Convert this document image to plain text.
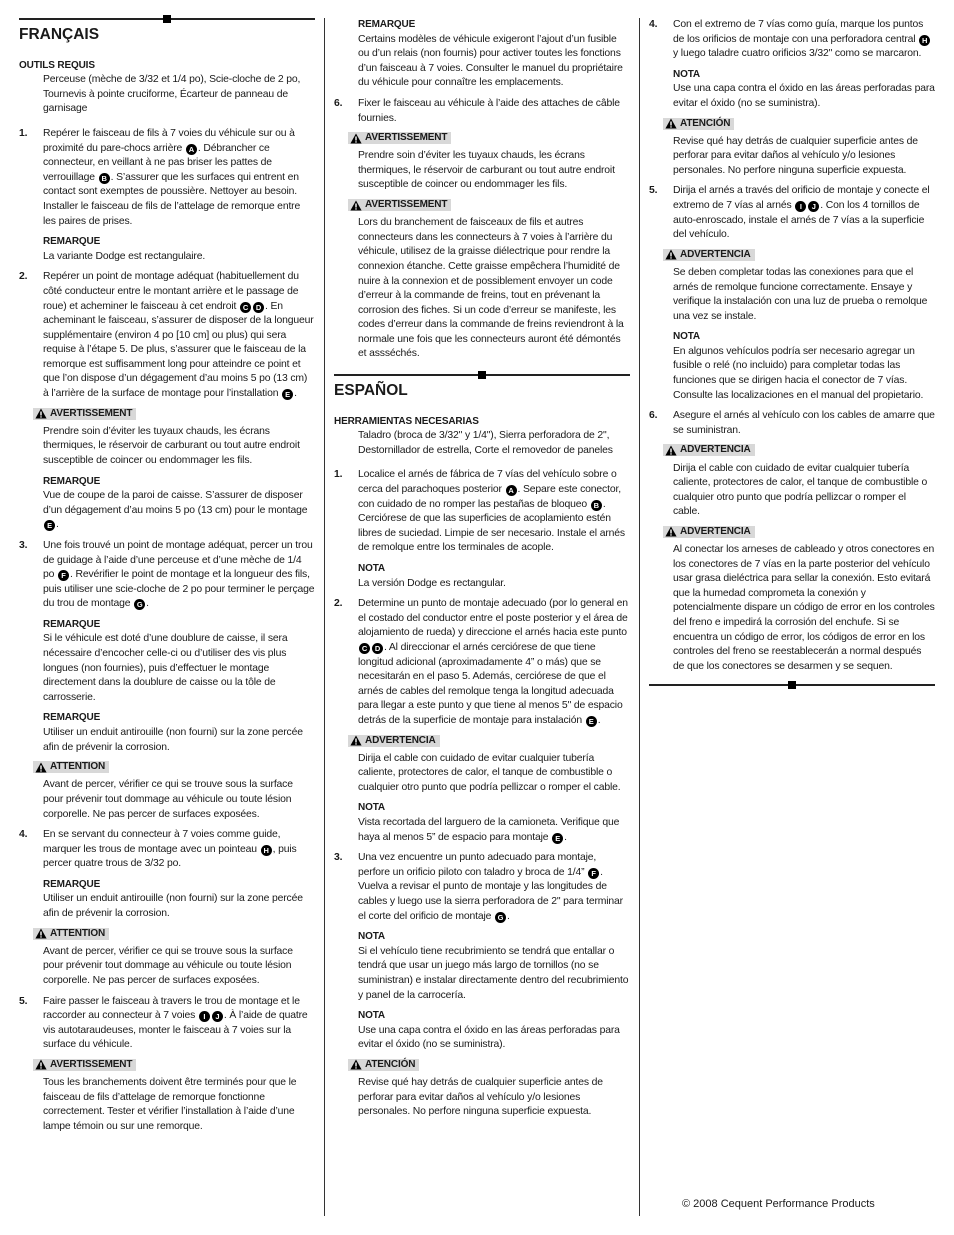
FRANÇAIS
OUTILS REQUIS
Perceuse (mèche de 3/32 et 1/4 po), Scie-cloche de 2 po, Tournevis à pointe cruciforme, Écarteur de panneau de garnisage
1. Repérer le faisceau de fils à 7 voies du véhicule sur ou à proximité du pare-chocs arrière A . Débrancher ce connecteur, en veillant à ne pas briser les pattes de verrouillage B . S’assurer que les surfaces qui entrent en contact sont exemptes de poussière. Nettoyer au besoin. Installer le faisceau de fils de l’attelage de remorque entre les paires de prises.
REMARQUE
La variante Dodge est rectangulaire.
2. Repérer un point de montage adéquat (habituellement du côté conducteur entre le montant arrière et le passage de roue) et acheminer le faisceau à cet endroit C D . En acheminant le faisceau, s’assurer de disposer de la longueur supplémentaire (environ 4 po [10 cm] ou plus) qui sera requise à l’étape 5. De plus, s’assurer que le faisceau de la remorque est suffisamment long pour atteindre ce point et que l’on dispose d’un dégagement d’au moins 5 po (13 cm) à l’arrière de la surface de montage pour l’installation E .
AVERTISSEMENT
Prendre soin d’éviter les tuyaux chauds, les écrans thermiques, le réservoir de carburant ou tout autre endroit susceptible de coincer ou endommager les fils.
REMARQUE
Vue de coupe de la paroi de caisse. S’assurer de disposer d’un dégagement d’au moins 5 po (13 cm) pour le montage E .
3. Une fois trouvé un point de montage adéquat, percer un trou de guidage à l’aide d’une perceuse et d’une mèche de 1/4 po F . Revérifier le point de montage et la longueur des fils, puis utiliser une scie-cloche de 2 po pour terminer le perçage du trou de montage G .
REMARQUE
Si le véhicule est doté d’une doublure de caisse, il sera nécessaire d’encocher celle-ci ou d’utiliser des vis plus longues (non fournies), puis d’effectuer le montage directement dans la doublure de caisse ou la tôle de carrosserie.
REMARQUE
Utiliser un enduit antirouille (non fourni) sur la zone percée afin de prévenir la corrosion.
ATTENTION
Avant de percer, vérifier ce qui se trouve sous la surface pour prévenir tout dommage au véhicule ou toute lésion corporelle. Ne pas percer de surfaces exposées.
4. En se servant du connecteur à 7 voies comme guide, marquer les trous de montage avec un pointeau H , puis percer quatre trous de 3/32 po.
REMARQUE
Utiliser un enduit antirouille (non fourni) sur la zone percée afin de prévenir la corrosion.
ATTENTION
Avant de percer, vérifier ce qui se trouve sous la surface pour prévenir tout dommage au véhicule ou toute lésion corporelle. Ne pas percer de surfaces exposées.
5. Faire passer le faisceau à travers le trou de montage et le raccorder au connecteur à 7 voies I J . À l’aide de quatre vis autotaraudeuses, monter le faisceau à 7 voies sur la surface du véhicule.
AVERTISSEMENT
Tous les branchements doivent être terminés pour que le faisceau de fils d’attelage de remorque fonctionne correctement. Tester et vérifier l’installation à l’aide d’une lampe témoin ou sur une remorque.
REMARQUE
Certains modèles de véhicule exigeront l’ajout d’un fusible ou d’un relais (non fournis) pour activer toutes les fonctions d’un faisceau à 7 voies. Consulter le manuel du propriétaire du véhicule pour connaître les emplacements.
6. Fixer le faisceau au véhicule à l’aide des attaches de câble fournies.
AVERTISSEMENT
Prendre soin d’éviter les tuyaux chauds, les écrans thermiques, le réservoir de carburant ou tout autre endroit susceptible de coincer ou endommager les fils.
AVERTISSEMENT
Lors du branchement de faisceaux de fils et autres connecteurs dans les connecteurs à 7 voies à l’arrière du véhicule, utilisez de la graisse diélectrique pour rendre la connexion étanche. Cette graisse empêchera l’humidité de nuire à la connexion et de possiblement envoyer un code d’erreur à la commande de freins, tout en prévenant la corrosion des fiches. Si un code d’erreur se manifeste, les codes d’erreur dans la commande de freins reviendront à la normale une fois que les connecteurs auront été démontés et assséchés.
ESPAÑOL
HERRAMIENTAS NECESARIAS
Taladro (broca de 3/32" y 1/4"), Sierra perforadora de 2", Destornillador de estrella, Corte el removedor de paneles
1. Localice el arnés de fábrica de 7 vías del vehículo sobre o cerca del parachoques posterior A . Separe este conector, con cuidado de no romper las pestañas de bloqueo B . Cerciórese de que las superficies de acoplamiento estén libres de suciedad. Limpie de ser necesario. Instale el arnés de remolque entre los terminales de acople.
NOTA
La versión Dodge es rectangular.
2. Determine un punto de montaje adecuado (por lo general en el costado del conductor entre el poste posterior y el área de alojamiento de rueda) y direccione el arnés hacia este punto C D . Al direccionar el arnés cerciórese de que tiene longitud adicional (aproximadamente 4” o más) que se necesitarán en el paso 5. Además, cerciórese de que el arnés de cables del remolque tenga la longitud adecuada para llegar a este punto y que tiene al menos 5" de espacio detrás de la superficie de montaje para instalación E .
ADVERTENCIA
Dirija el cable con cuidado de evitar cualquier tubería caliente, protectores de calor, el tanque de combustible o cualquier otro punto que podría pellizcar o romper el cable.
NOTA
Vista recortada del larguero de la camioneta. Verifique que haya al menos 5” de espacio para montaje E .
3. Una vez encuentre un punto adecuado para montaje, perfore un orificio piloto con taladro y broca de 1/4” F . Vuelva a revisar el punto de montaje y las longitudes de cables y luego use la sierra perforadora de 2" para terminar el corte del orificio de montaje G .
NOTA
Si el vehículo tiene recubrimiento se tendrá que entallar o tendrá que usar un juego más largo de tornillos (no se suministran) e instalar directamente dentro del recubrimiento y panel de la carrocería.
NOTA
Use una capa contra el óxido en las áreas perforadas para evitar el óxido (no se suministra).
ATENCIÓN
Revise qué hay detrás de cualquier superficie antes de perforar para evitar daños al vehículo y/o lesiones personales. No perfore ninguna superficie expuesta.
4. Con el extremo de 7 vías como guía, marque los puntos de los orificios de montaje con una perforadora central H y luego taladre cuatro orificios 3/32" como se marcaron.
NOTA
Use una capa contra el óxido en las áreas perforadas para evitar el óxido (no se suministra).
ATENCIÓN
Revise qué hay detrás de cualquier superficie antes de perforar para evitar daños al vehículo y/o lesiones personales. No perfore ninguna superficie expuesta.
5. Dirija el arnés a través del orificio de montaje y conecte el extremo de 7 vías al arnés I J . Con los 4 tornillos de auto-enroscado, instale el arnés de 7 vías a la superficie del vehículo.
ADVERTENCIA
Se deben completar todas las conexiones para que el arnés de remolque funcione correctamente. Ensaye y verifique la instalación con una luz de prueba o remolque una vez se instale.
NOTA
En algunos vehículos podría ser necesario agregar un fusible o relé (no incluido) para completar todas las funciones que se dirigen hacia el conector de 7 vías. Consulte las localizaciones en el manual del propietario.
6. Asegure el arnés al vehículo con los cables de amarre que se suministran.
ADVERTENCIA
Dirija el cable con cuidado de evitar cualquier tubería caliente, protectores de calor, el tanque de combustible o cualquier otro punto que podría pellizcar o romper el cable.
ADVERTENCIA
Al conectar los arneses de cableado y otros conectores en los conectores de 7 vías en la parte posterior del vehículo usar grasa dieléctrica para sellar la conexión. Esto evitará que la humedad comprometa la conexión y potencialmente dispare un código de error en los controles del freno e impedirá la corrosión del enchufe. Si se encuentra un código de error, los códigos de error en los controles del freno se reestablecerán a normal después de que los conectores se desarmen y se sequen.
© 2008 Cequent Performance Products
